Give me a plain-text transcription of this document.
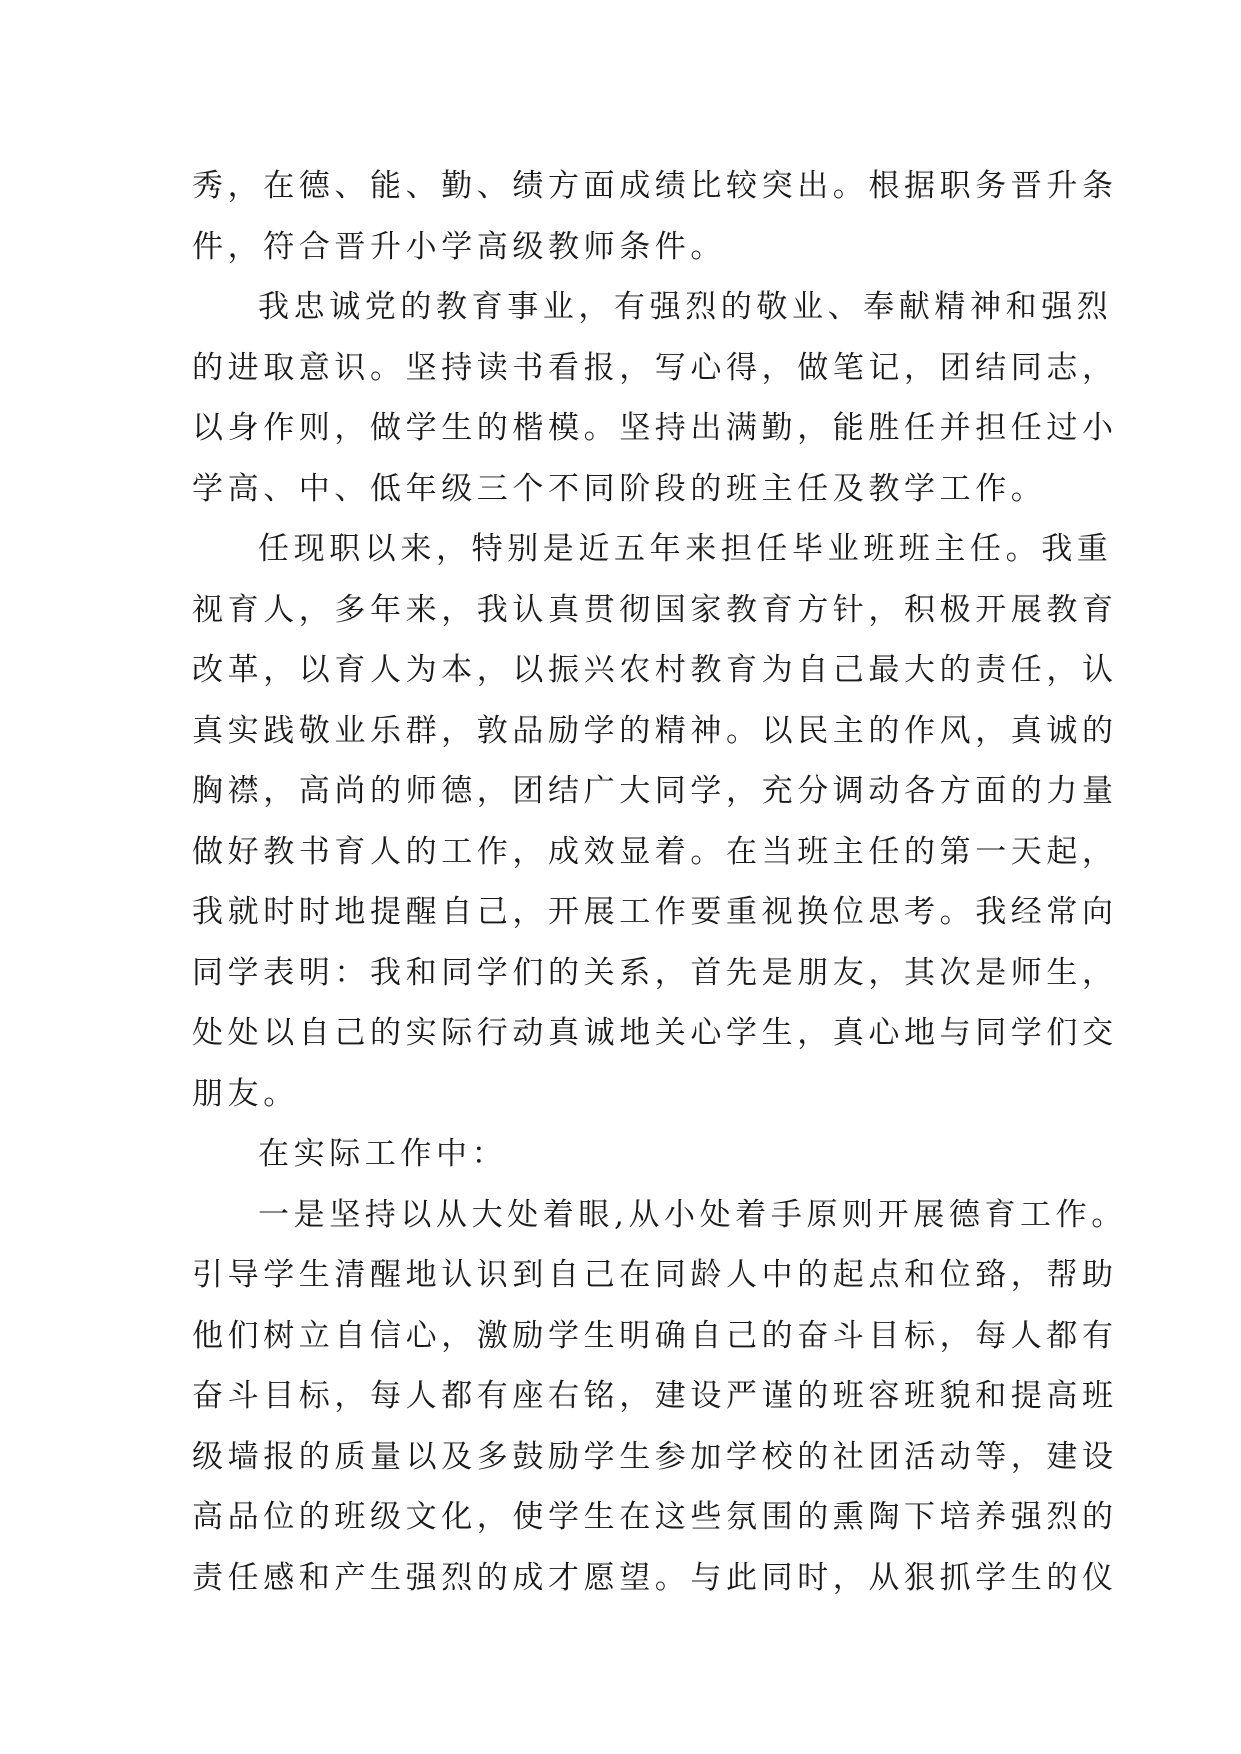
秀，在德、能、勤、绩方面成绩比较突出。根据职务晋升条
件，符合晋升小学高级教师条件。
我忠诚党的教育事业，有强烈的敬业、奉献精神和强烈
的进取意识。坚持读书看报，写心得，做笔记，团结同志，
以身作则，做学生的楷模。坚持出满勤，能胜任并担任过小
学高、中、低年级三个不同阶段的班主任及教学工作。
任现职以来，特别是近五年来担任毕业班班主任。我重
视育人，多年来，我认真贯彻国家教育方针，积极开展教育
改革，以育人为本，以振兴农村教育为自己最大的责任，认
真实践敬业乐群，敦品励学的精神。以民主的作风，真诚的
胸襟，高尚的师德，团结广大同学，充分调动各方面的力量
做好教书育人的工作，成效显着。在当班主任的第一天起，
我就时时地提醒自己，开展工作要重视换位思考。我经常向
同学表明：我和同学们的关系，首先是朋友，其次是师生，
处处以自己的实际行动真诚地关心学生，真心地与同学们交
朋友。
在实际工作中：
一是坚持以从大处着眼,从小处着手原则开展德育工作。
引导学生清醒地认识到自己在同龄人中的起点和位臵，帮助
他们树立自信心，激励学生明确自己的奋斗目标，每人都有
奋斗目标，每人都有座右铭，建设严谨的班容班貌和提高班
级墙报的质量以及多鼓励学生参加学校的社团活动等，建设
高品位的班级文化，使学生在这些氛围的熏陶下培养强烈的
责任感和产生强烈的成才愿望。与此同时，从狠抓学生的仪
